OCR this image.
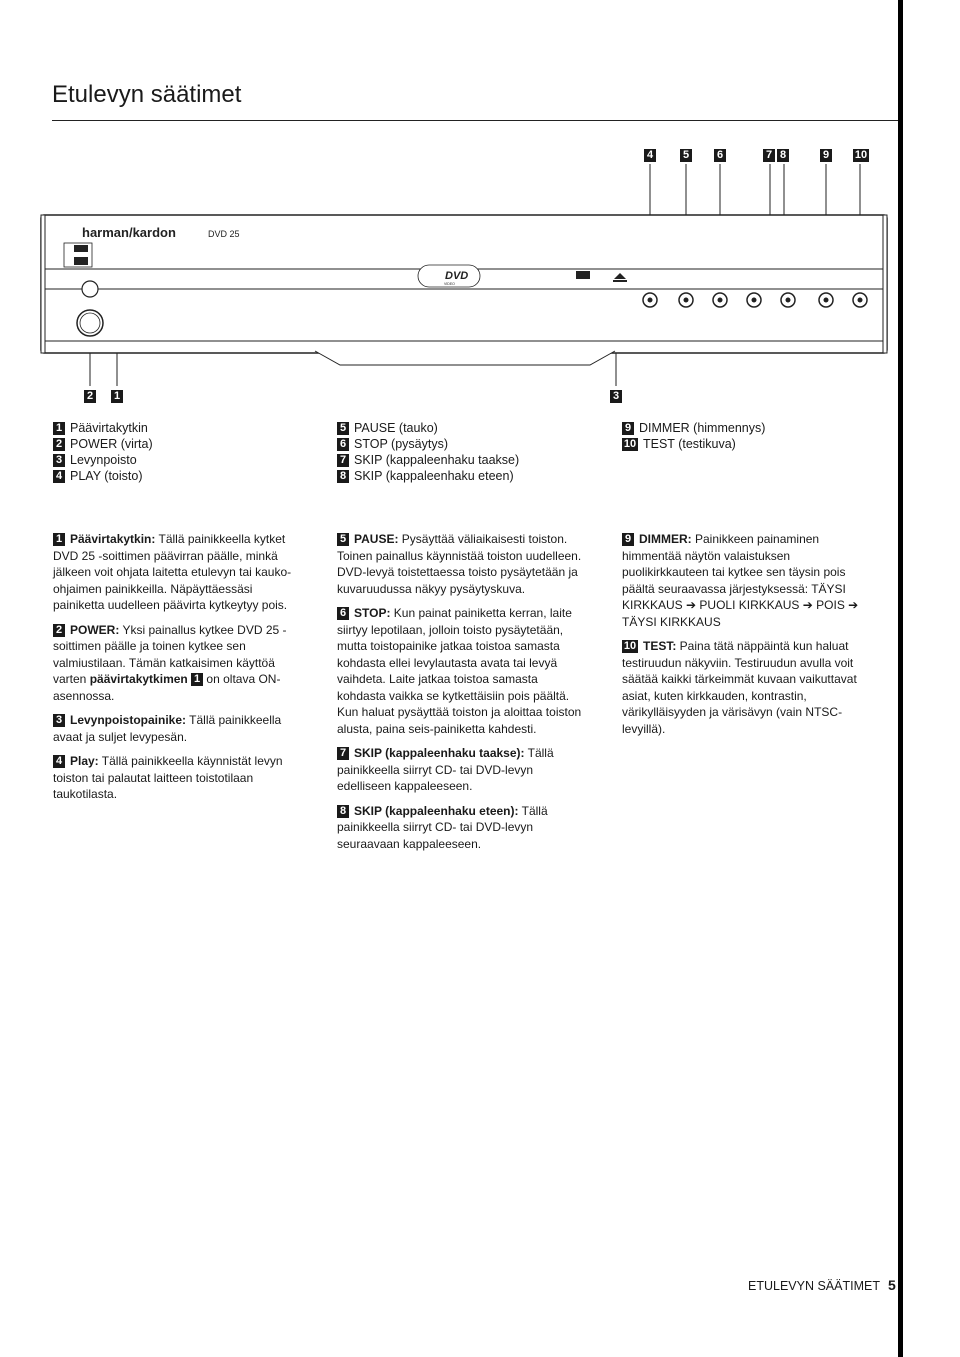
Etulevyn säätimet
4	5	6	7 8	9 10
harman/kardon	DVD 25
DVD
VIDEO
2 1	3
1 Päävirtakytkin
2 POWER (virta)
3 Levynpoisto
4 PLAY (toisto)
5 PAUSE (tauko)
6 STOP (pysäytys)
7 SKIP (kappaleenhaku taakse)
8 SKIP (kappaleenhaku eteen)
9 DIMMER (himmennys)
10 TEST (testikuva)

1 Päävirtakytkin: Tällä painikkeella kytket DVD 25 -soittimen päävirran päälle, minkä jälkeen voit ohjata laitetta etulevyn tai kauko-ohjaimen painikkeilla. Näpäyttäessäsi painiketta uudelleen päävirta kytkeytyy pois.

2 POWER: Yksi painallus kytkee DVD 25 -soittimen päälle ja toinen kytkee sen valmiustilaan. Tämän katkaisimen käyttöä varten päävirtakytkimen 1 on oltava ON-asennossa.

3 Levynpoistopainike: Tällä painikkeella avaat ja suljet levypesän.

4 Play: Tällä painikkeella käynnistät levyn toiston tai palautat laitteen toistotilaan taukotilasta.

5 PAUSE: Pysäyttää väliaikaisesti toiston. Toinen painallus käynnistää toiston uudelleen. DVD-levyä toistettaessa toisto pysäytetään ja kuvaruudussa näkyy pysäytyskuva.

6 STOP: Kun painat painiketta kerran, laite siirtyy lepotilaan, jolloin toisto pysäytetään, mutta toistopainike jatkaa toistoa samasta kohdasta ellei levylautasta avata tai levyä vaihdeta. Laite jatkaa toistoa samasta kohdasta vaikka se kytkettäisiin pois päältä. Kun haluat pysäyttää toiston ja aloittaa toiston alusta, paina seis-painiketta kahdesti.

7 SKIP (kappaleenhaku taakse): Tällä painikkeella siirryt CD- tai DVD-levyn edelliseen kappaleeseen.

8 SKIP (kappaleenhaku eteen): Tällä painikkeella siirryt CD- tai DVD-levyn seuraavaan kappaleeseen.

9 DIMMER: Painikkeen painaminen himmentää näytön valaistuksen puolikirkkauteen tai kytkee sen täysin pois päältä seuraavassa järjestyksessä: TÄYSI KIRKKAUS ➔ PUOLI KIRKKAUS ➔ POIS ➔ TÄYSI KIRKKAUS

10 TEST: Paina tätä näppäintä kun haluat testiruudun näkyviin. Testiruudun avulla voit säätää kaikki tärkeimmät kuvaan vaikuttavat asiat, kuten kirkkauden, kontrastin, värikylläisyyden ja värisävyn (vain NTSC-levyillä).

ETULEVYN SÄÄTIMET 5
